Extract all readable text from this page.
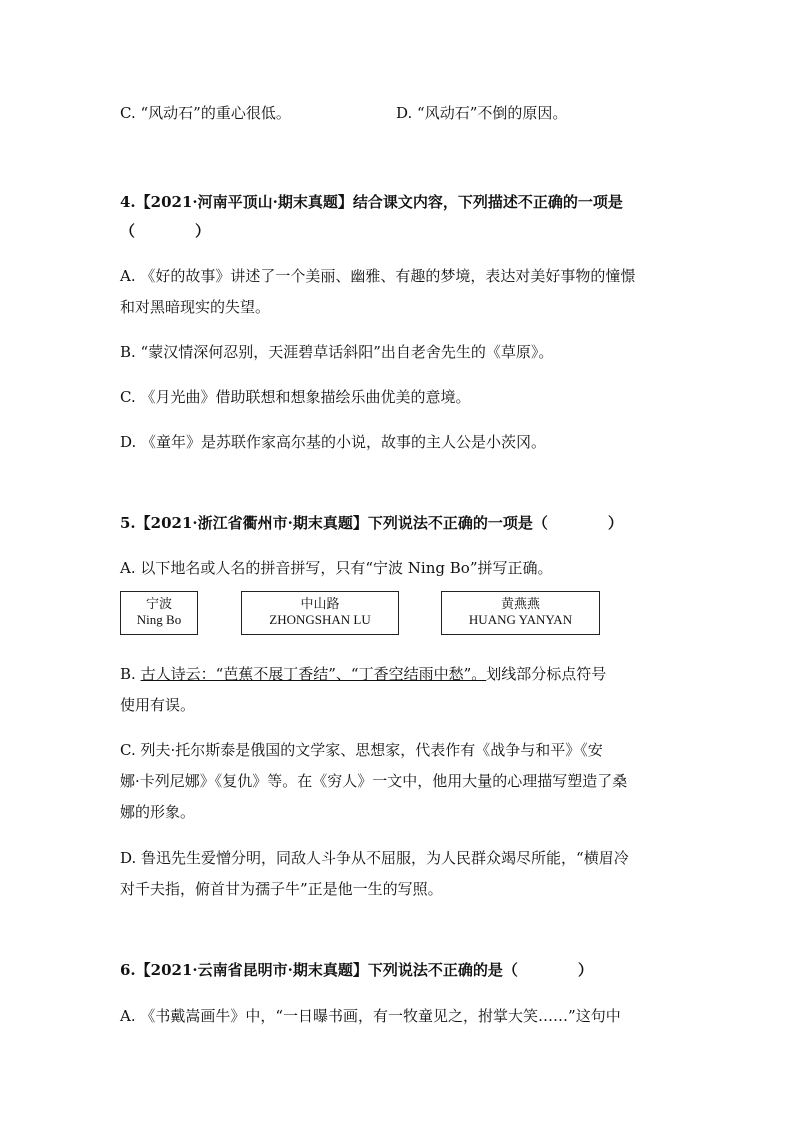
C. “风动石”的重心很低。	D. “风动石”不倒的原因。
4.【2021·河南平顶山·期末真题】结合课文内容，下列描述不正确的一项是
（　　　　）
A. 《好的故事》讲述了一个美丽、幽雅、有趣的梦境，表达对美好事物的憧憬
和对黑暗现实的失望。
B. “蒙汉情深何忍别，天涯碧草话斜阳”出自老舍先生的《草原》。
C. 《月光曲》借助联想和想象描绘乐曲优美的意境。
D. 《童年》是苏联作家高尔基的小说，故事的主人公是小茨冈。
5.【2021·浙江省衢州市·期末真题】下列说法不正确的一项是（　　　　）
A. 以下地名或人名的拼音拼写，只有“宁波 Ning Bo”拼写正确。
宁波
Ning Bo
中山路
ZHONGSHAN LU
黄燕燕
HUANG YANYAN
B. 古人诗云：“芭蕉不展丁香结”、“丁香空结雨中愁”。划线部分标点符号
使用有误。
C. 列夫·托尔斯泰是俄国的文学家、思想家，代表作有《战争与和平》《安
娜·卡列尼娜》《复仇》等。在《穷人》一文中，他用大量的心理描写塑造了桑
娜的形象。
D. 鲁迅先生爱憎分明，同敌人斗争从不屈服，为人民群众竭尽所能，“横眉冷
对千夫指，俯首甘为孺子牛”正是他一生的写照。
6.【2021·云南省昆明市·期末真题】下列说法不正确的是（　　　　）
A. 《书戴嵩画牛》中，“一日曝书画，有一牧童见之，拊掌大笑……”这句中
